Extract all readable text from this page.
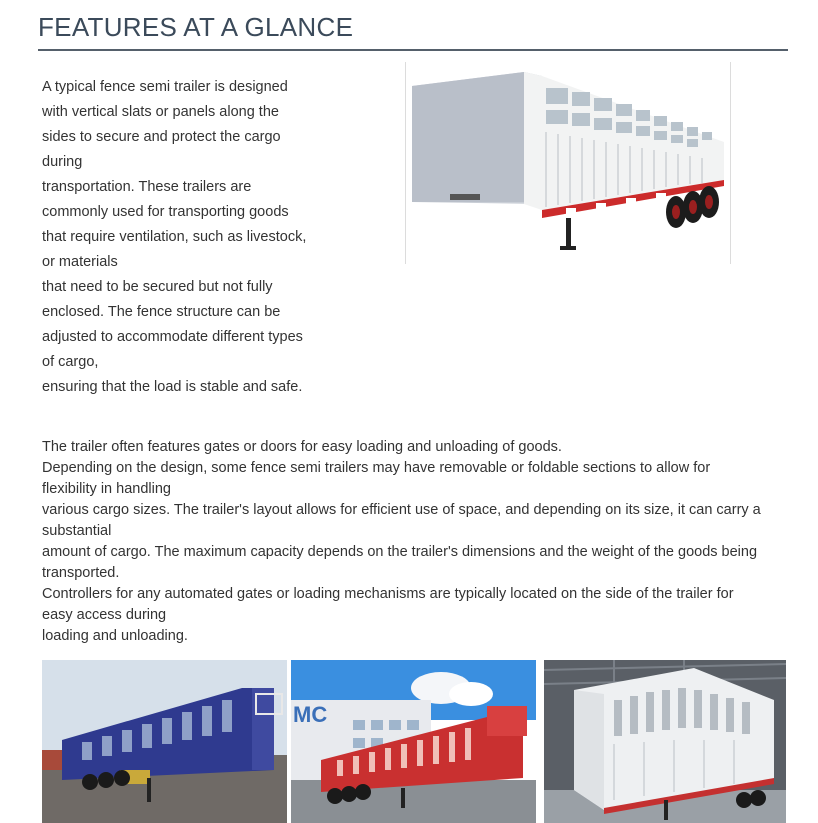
FEATURES AT A GLANCE

A typical fence semi trailer is designed

with vertical slats or panels along the

sides to secure and protect the cargo

during

transportation. These trailers are

commonly used for transporting goods

that require ventilation, such as livestock,

or materials

that need to be secured but not fully

enclosed. The fence structure can be

adjusted to accommodate different types

of cargo,

ensuring that the load is stable and safe.

The trailer often features gates or doors for easy loading and unloading of goods.

Depending on the design, some fence semi trailers may have removable or foldable sections to allow for

flexibility in handling

various cargo sizes. The trailer's layout allows for efficient use of space, and depending on its size, it can carry a

substantial

amount of cargo. The maximum capacity depends on the trailer's dimensions and the weight of the goods being

transported.

Controllers for any automated gates or loading mechanisms are typically located on the side of the trailer for

easy access during

loading and unloading.

MC
